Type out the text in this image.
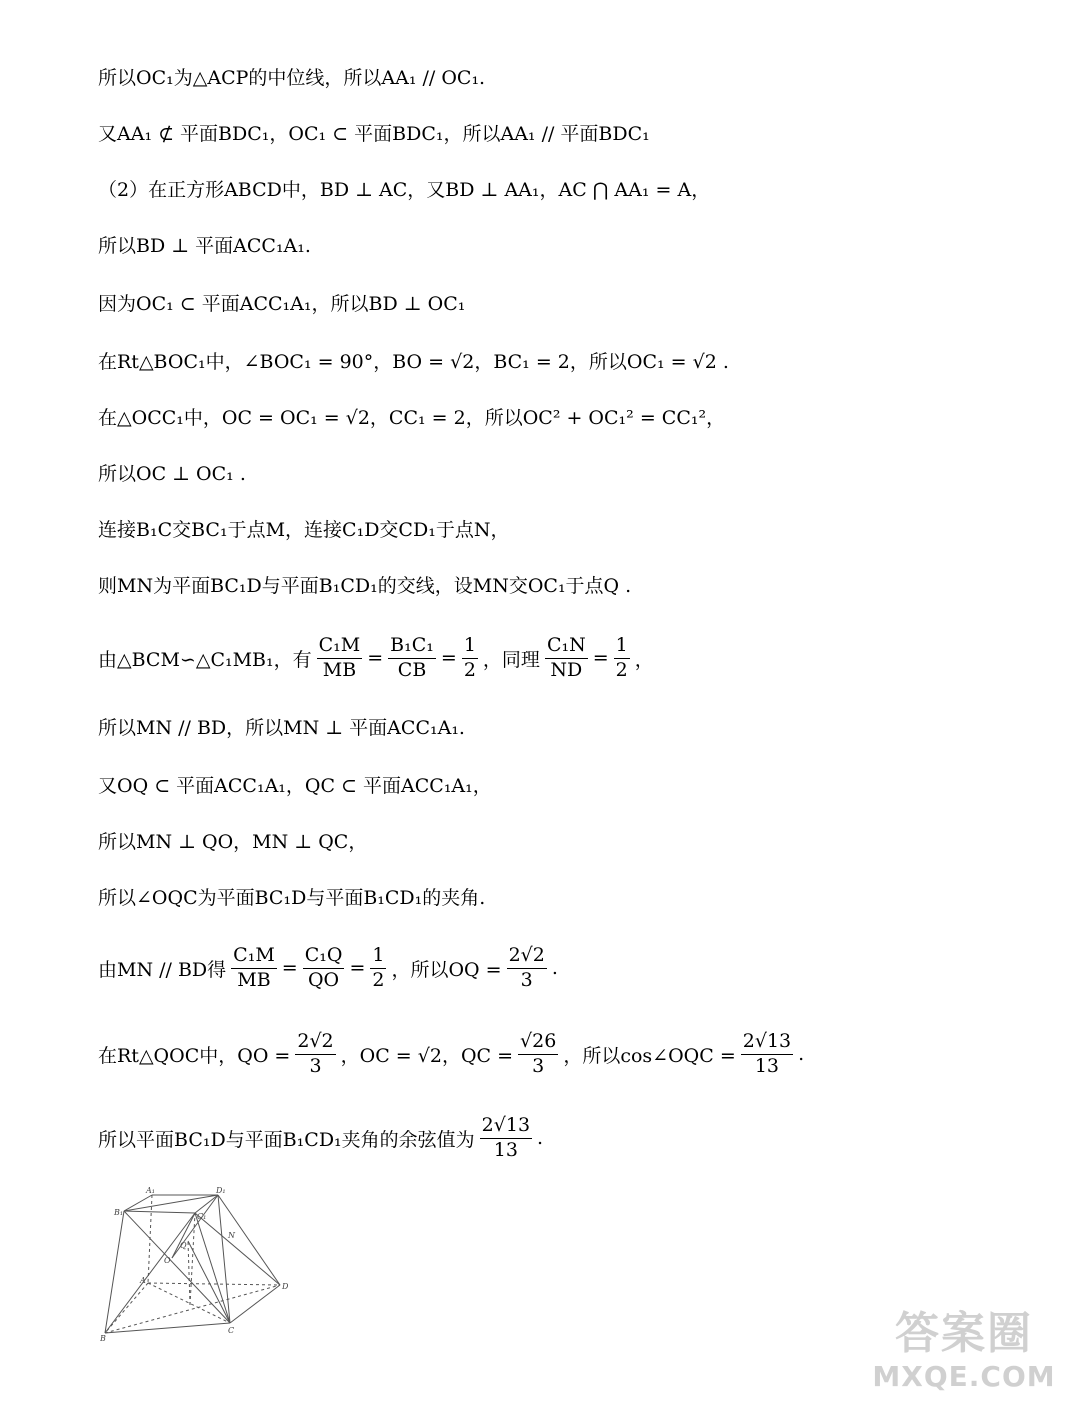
所以OC₁为△ACP的中位线，所以AA₁ // OC₁.
又AA₁ ⊄ 平面BDC₁，OC₁ ⊂ 平面BDC₁，所以AA₁ // 平面BDC₁
（2）在正方形ABCD中，BD ⊥ AC，又BD ⊥ AA₁，AC ⋂ AA₁ = A，
所以BD ⊥ 平面ACC₁A₁.
因为OC₁ ⊂ 平面ACC₁A₁，所以BD ⊥ OC₁
在Rt△BOC₁中，∠BOC₁ = 90°，BO = √2，BC₁ = 2，所以OC₁ = √2 .
在△OCC₁中，OC = OC₁ = √2，CC₁ = 2，所以OC² + OC₁² = CC₁²，
所以OC ⊥ OC₁ .
连接B₁C交BC₁于点M，连接C₁D交CD₁于点N，
则MN为平面BC₁D与平面B₁CD₁的交线，设MN交OC₁于点Q .
由△BCM∽△C₁MB₁，有 $\frac{\text{C₁M}}{MB} = \frac{\text{B₁C₁}}{CB} = \frac{1}{2}$ ，同理 $\frac{\text{C₁N}}{ND} = \frac{1}{2}$ ，
所以MN // BD，所以MN ⊥ 平面ACC₁A₁.
又OQ ⊂ 平面ACC₁A₁，QC ⊂ 平面ACC₁A₁，
所以MN ⊥ QO，MN ⊥ QC，
所以∠OQC为平面BC₁D与平面B₁CD₁的夹角.
由MN // BD得 $\frac{\text{C₁M}}{MB} = \frac{\text{C₁Q}}{QO} = \frac{1}{2}$ ，所以OQ = $\frac{2√2}{3}$ .
在Rt△QOC中，QO = $\frac{2√2}{3}$ ，OC = √2，QC = $\frac{√26}{3}$ ，所以cos∠OQC = $\frac{2√13}{13}$ .
所以平面BC₁D与平面B₁CD₁夹角的余弦值为 $\frac{2√13}{13}$ .
A₁	D₁
B₁	C₁
Q
N
O
A
D
B
C	答案圈
MXQE.COM
